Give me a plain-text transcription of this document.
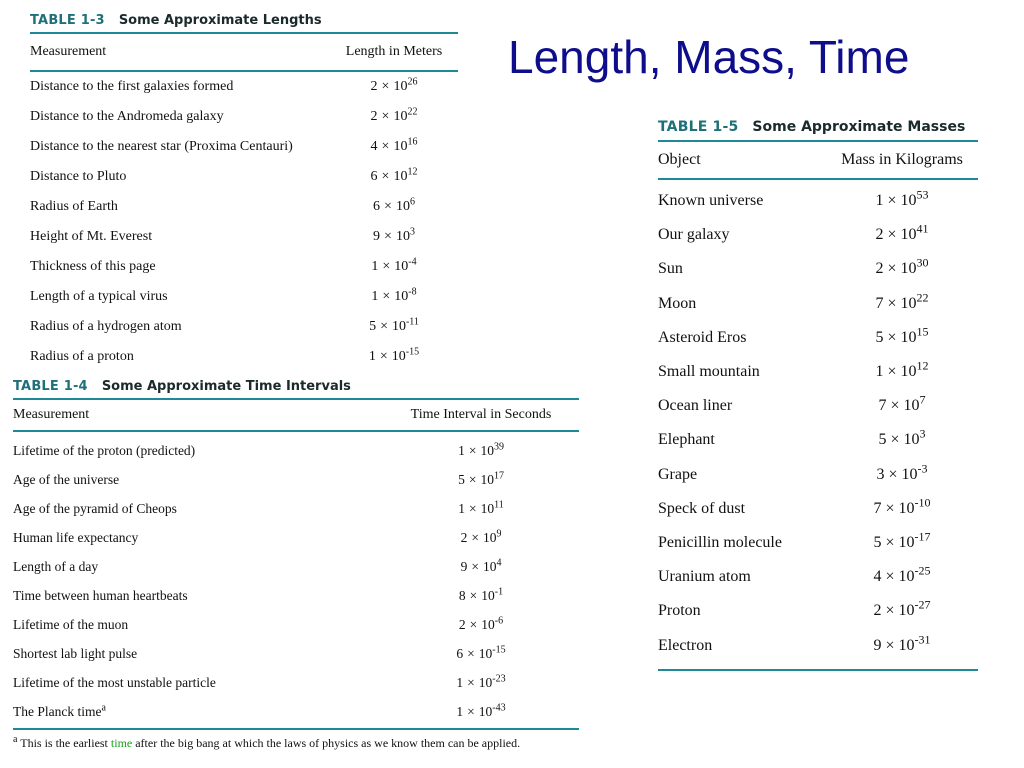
Length, Mass, Time
TABLE 1-3 Some Approximate Lengths
Measurement	Length in Meters
Distance to the first galaxies formed	$2 \times 10^{26}$
Distance to the Andromeda galaxy	$2 \times 10^{22}$
Distance to the nearest star (Proxima Centauri)	$4 \times 10^{16}$
Distance to Pluto	$6 \times 10^{12}$
Radius of Earth	$6 \times 10^6$
Height of Mt. Everest	$9 \times 10^3$
Thickness of this page	$1 \times 10^{-4}$
Length of a typical virus	$1 \times 10^{-8}$
Radius of a hydrogen atom	$5 \times 10^{-11}$
Radius of a proton	$1 \times 10^{-15}$
TABLE 1-4 Some Approximate Time Intervals
Measurement	Time Interval in Seconds
Lifetime of the proton (predicted)	$1 \times 10^{39}$
Age of the universe	$5 \times 10^{17}$
Age of the pyramid of Cheops	$1 \times 10^{11}$
Human life expectancy	$2 \times 10^9$
Length of a day	$9 \times 10^4$
Time between human heartbeats	$8 \times 10^{-1}$
Lifetime of the muon	$2 \times 10^{-6}$
Shortest lab light pulse	$6 \times 10^{-15}$
Lifetime of the most unstable particle	$1 \times 10^{-23}$
The Planck time$^a$	$1 \times 10^{-43}$
$^a$ This is the earliest time after the big bang at which the laws of physics as we know them can be applied.
TABLE 1-5 Some Approximate Masses
Object	Mass in Kilograms
Known universe	$1 \times 10^{53}$
Our galaxy	$2 \times 10^{41}$
Sun	$2 \times 10^{30}$
Moon	$7 \times 10^{22}$
Asteroid Eros	$5 \times 10^{15}$
Small mountain	$1 \times 10^{12}$
Ocean liner	$7 \times 10^7$
Elephant	$5 \times 10^3$
Grape	$3 \times 10^{-3}$
Speck of dust	$7 \times 10^{-10}$
Penicillin molecule	$5 \times 10^{-17}$
Uranium atom	$4 \times 10^{-25}$
Proton	$2 \times 10^{-27}$
Electron	$9 \times 10^{-31}$
